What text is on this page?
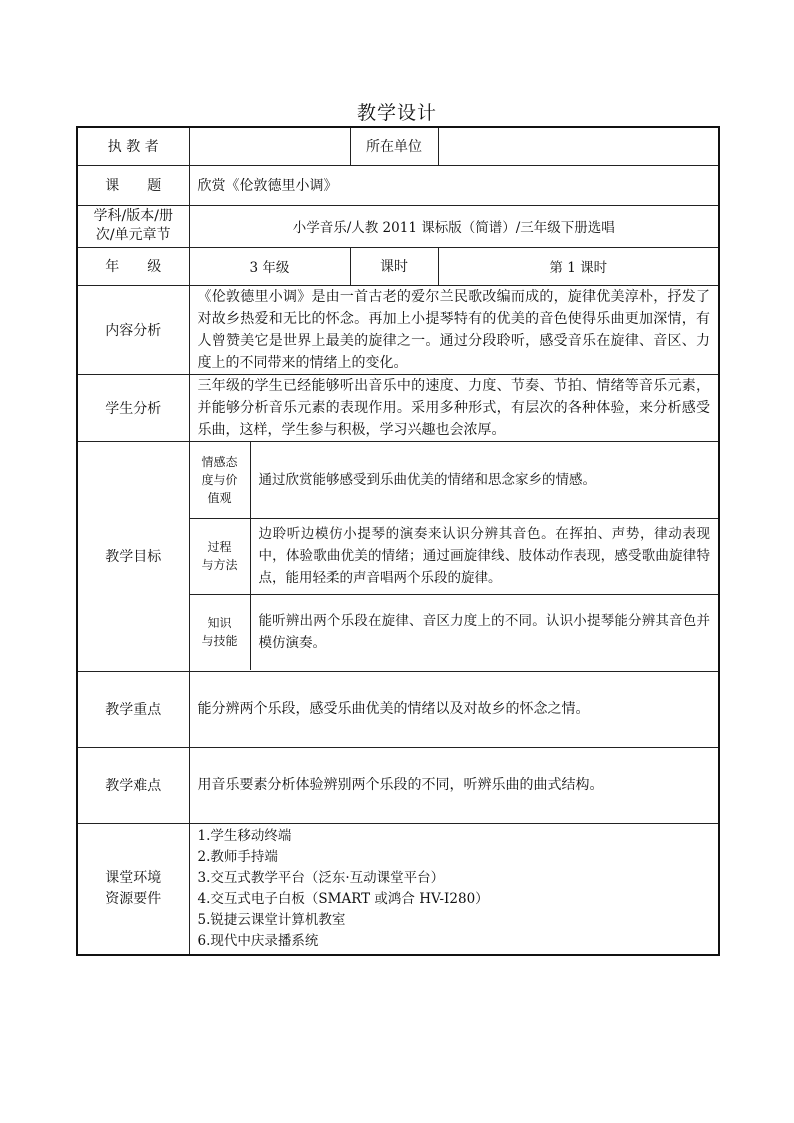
教学设计
执 教 者		所在单位	
课　　题	欣赏《伦敦德里小调》

学科/版本/册
次/单元章节	小学音乐/人教 2011 课标版（简谱）/三年级下册选唱
年　　级	3 年级	课时	第 1 课时
内容分析	《伦敦德里小调》是由一首古老的爱尔兰民歌改编而成的，旋律优美淳朴，抒发了对故乡热爱和无比的怀念。再加上小提琴特有的优美的音色使得乐曲更加深情，有人曾赞美它是世界上最美的旋律之一。通过分段聆听，感受音乐在旋律、音区、力度上的不同带来的情绪上的变化。
学生分析	三年级的学生已经能够听出音乐中的速度、力度、节奏、节拍、情绪等音乐元素，并能够分析音乐元素的表现作用。采用多种形式，有层次的各种体验，来分析感受乐曲，这样，学生参与积极，学习兴趣也会浓厚。
教学目标	
情感态
度与价
值观
	通过欣赏能够感受到乐曲优美的情绪和思念家乡的情感。

过程
与方法
	边聆听边模仿小提琴的演奏来认识分辨其音色。在挥拍、声势，律动表现中，体验歌曲优美的情绪；通过画旋律线、肢体动作表现，感受歌曲旋律特点，能用轻柔的声音唱两个乐段的旋律。

知识
与技能
	能听辨出两个乐段在旋律、音区力度上的不同。认识小提琴能分辨其音色并模仿演奏。

教学重点	能分辨两个乐段，感受乐曲优美的情绪以及对故乡的怀念之情。
教学难点	用音乐要素分析体验辨别两个乐段的不同，听辨乐曲的曲式结构。

课堂环境
资源要件

1.学生移动终端
2.教师手持端
3.交互式教学平台（泛东·互动课堂平台）
4.交互式电子白板（SMART 或鸿合 HV-I280）
5.锐捷云课堂计算机教室
6.现代中庆录播系统
